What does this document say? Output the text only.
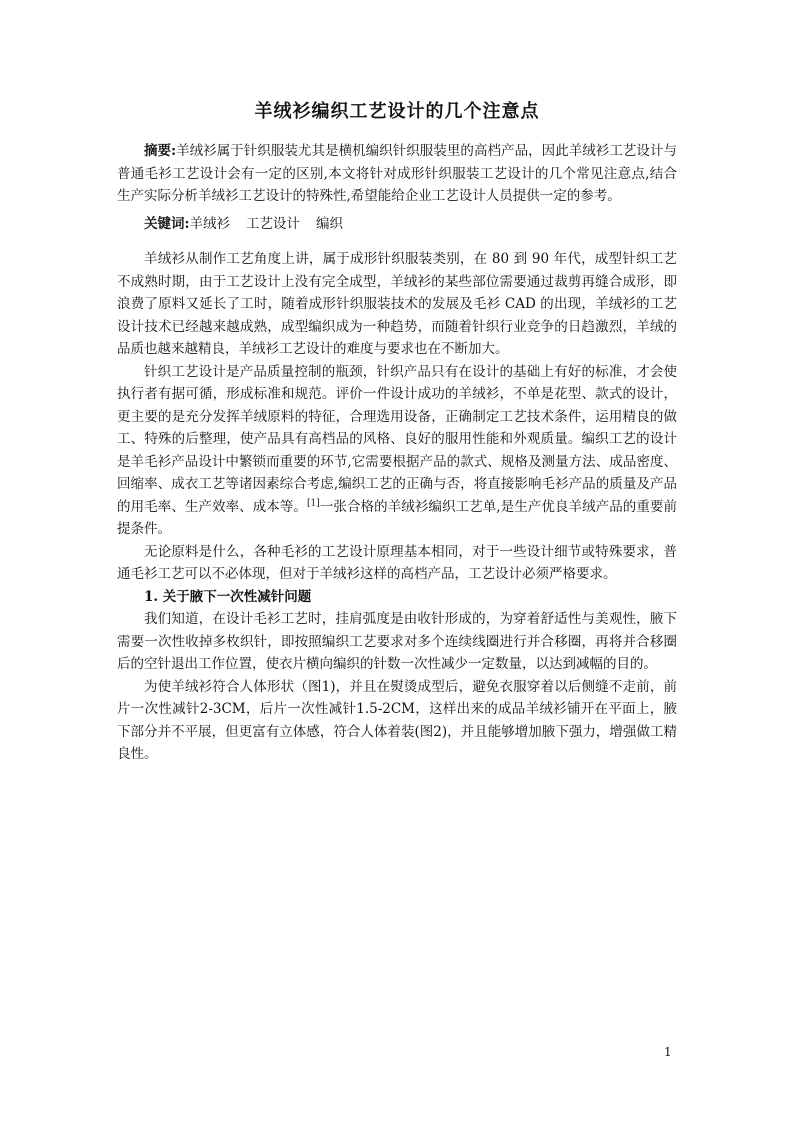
羊绒衫编织工艺设计的几个注意点

摘要:羊绒衫属于针织服装尤其是横机编织针织服装里的高档产品，因此羊绒衫工艺设计与普通毛衫工艺设计会有一定的区别,本文将针对成形针织服装工艺设计的几个常见注意点,结合生产实际分析羊绒衫工艺设计的特殊性,希望能给企业工艺设计人员提供一定的参考。

关键词:羊绒衫 工艺设计 编织

羊绒衫从制作工艺角度上讲，属于成形针织服装类别，在 80 到 90 年代，成型针织工艺不成熟时期，由于工艺设计上没有完全成型，羊绒衫的某些部位需要通过裁剪再缝合成形，即浪费了原料又延长了工时，随着成形针织服装技术的发展及毛衫 CAD 的出现，羊绒衫的工艺设计技术已经越来越成熟，成型编织成为一种趋势，而随着针织行业竞争的日趋激烈，羊绒的品质也越来越精良，羊绒衫工艺设计的难度与要求也在不断加大。

针织工艺设计是产品质量控制的瓶颈，针织产品只有在设计的基础上有好的标准，才会使执行者有据可循，形成标准和规范。评价一件设计成功的羊绒衫，不单是花型、款式的设计，更主要的是充分发挥羊绒原料的特征，合理选用设备，正确制定工艺技术条件，运用精良的做工、特殊的后整理，使产品具有高档品的风格、良好的服用性能和外观质量。编织工艺的设计是羊毛衫产品设计中繁锁而重要的环节,它需要根据产品的款式、规格及测量方法、成品密度、回缩率、成衣工艺等诸因素综合考虑,编织工艺的正确与否，将直接影响毛衫产品的质量及产品的用毛率、生产效率、成本等。[1]一张合格的羊绒衫编织工艺单,是生产优良羊绒产品的重要前提条件。

无论原料是什么，各种毛衫的工艺设计原理基本相同，对于一些设计细节或特殊要求，普通毛衫工艺可以不必体现，但对于羊绒衫这样的高档产品，工艺设计必须严格要求。

1. 关于腋下一次性减针问题

我们知道，在设计毛衫工艺时，挂肩弧度是由收针形成的，为穿着舒适性与美观性，腋下需要一次性收掉多枚织针，即按照编织工艺要求对多个连续线圈进行并合移圈，再将并合移圈后的空针退出工作位置，使衣片横向编织的针数一次性减少一定数量，以达到减幅的目的。

为使羊绒衫符合人体形状（图1)，并且在熨烫成型后，避免衣服穿着以后侧缝不走前，前片一次性减针2-3CM，后片一次性减针1.5-2CM，这样出来的成品羊绒衫铺开在平面上，腋下部分并不平展，但更富有立体感，符合人体着装(图2)，并且能够增加腋下强力，增强做工精良性。

1
